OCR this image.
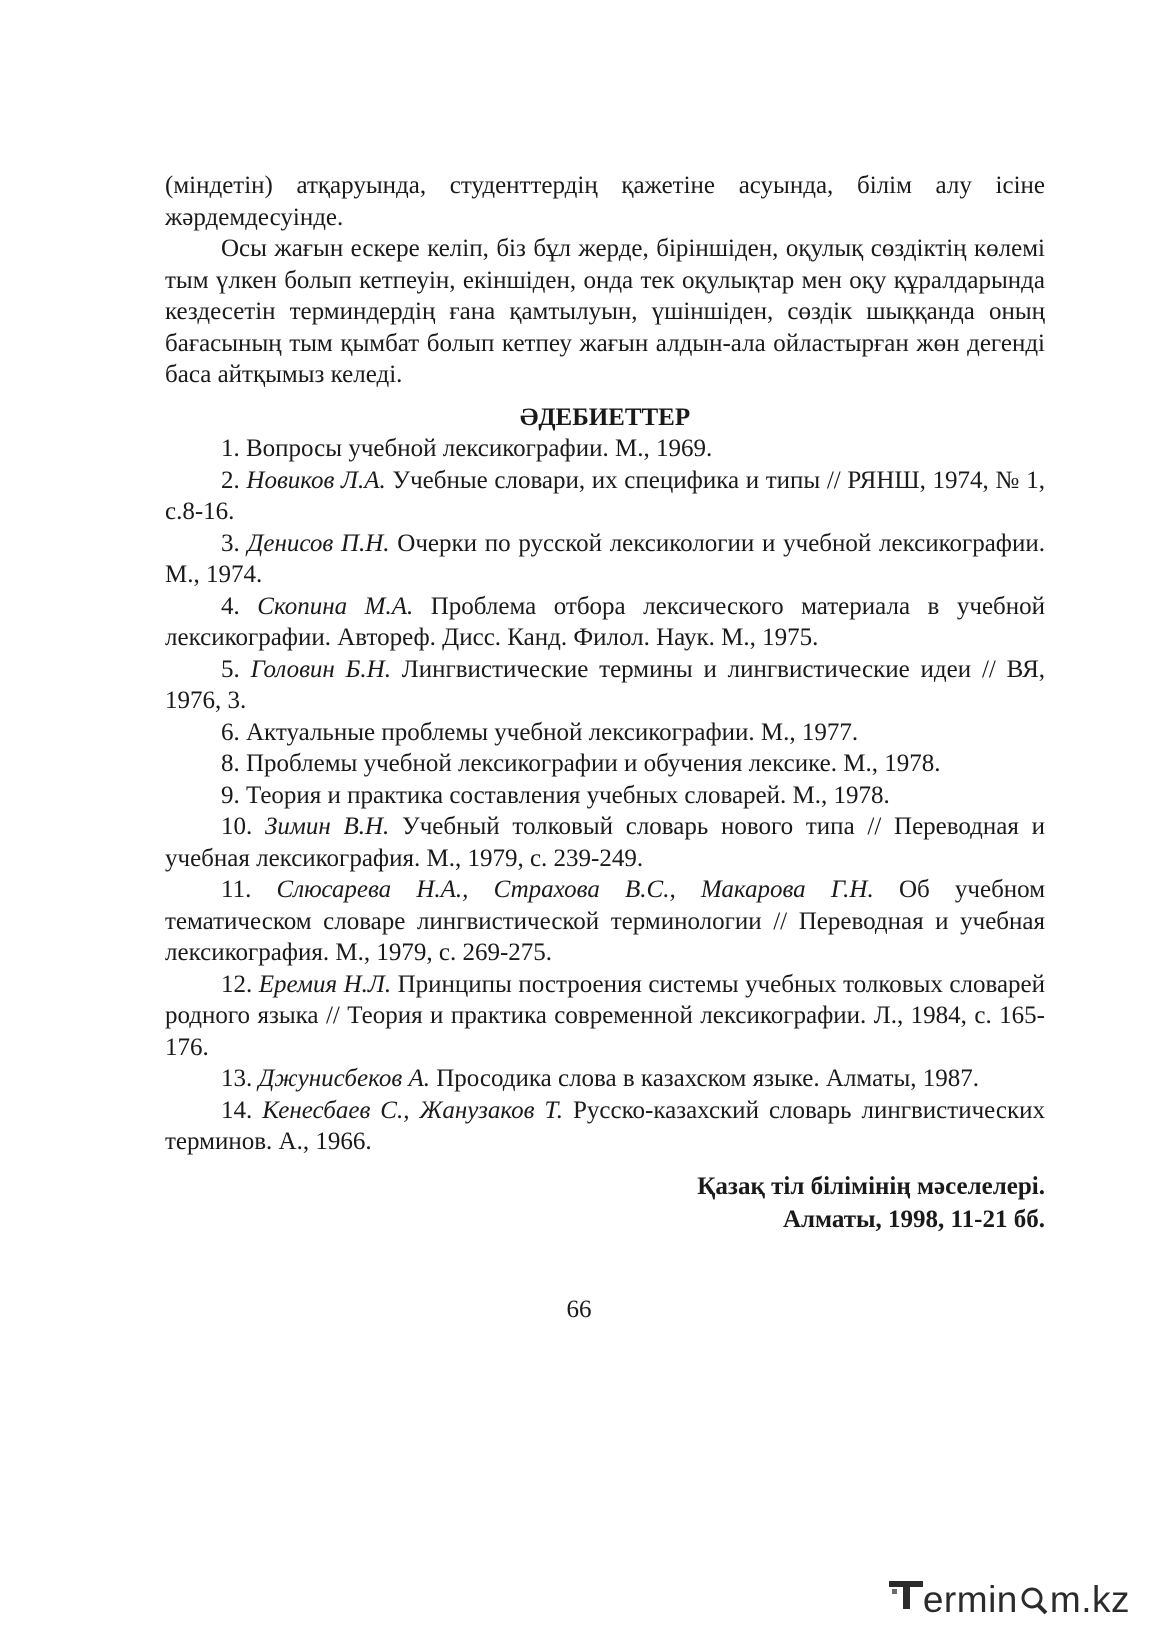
(міндетін) атқаруында, студенттердің қажетіне асуында, білім алу ісіне жәрдемдесуінде.

Осы жағын ескере келіп, біз бұл жерде, біріншіден, оқулық сөздіктің көлемі тым үлкен болып кетпеуін, екіншіден, онда тек оқулықтар мен оқу құралдарында кездесетін терминдердің ғана қамтылуын, үшіншіден, сөздік шыққанда оның бағасының тым қымбат болып кетпеу жағын алдын-ала ойластырған жөн дегенді баса айтқымыз келеді.

ӘДЕБИЕТТЕР

1. Вопросы учебной лексикографии. М., 1969.

2. Новиков Л.А. Учебные словари, их специфика и типы // РЯНШ, 1974, № 1, с.8-16.

3. Денисов П.Н. Очерки по русской лексикологии и учебной лексикографии. М., 1974.

4. Скопина М.А. Проблема отбора лексического материала в учебной лексикографии. Автореф. Дисс. Канд. Филол. Наук. М., 1975.

5. Головин Б.Н. Лингвистические термины и лингвистические идеи // ВЯ, 1976, 3.

6. Актуальные проблемы учебной лексикографии. М., 1977.

8. Проблемы учебной лексикографии и обучения лексике. М., 1978.

9. Теория и практика составления учебных словарей. М., 1978.

10. Зимин В.Н. Учебный толковый словарь нового типа // Переводная и учебная лексикография. М., 1979, с. 239-249.

11. Слюсарева Н.А., Страхова В.С., Макарова Г.Н. Об учебном тематическом словаре лингвистической терминологии // Переводная и учебная лексикография. М., 1979, с. 269-275.

12. Еремия Н.Л. Принципы построения системы учебных толковых словарей родного языка // Теория и практика современной лексикографии. Л., 1984, с. 165-176.

13. Джунисбеков А. Просодика слова в казахском языке. Алматы, 1987.

14. Кенесбаев С., Жанузаков Т. Русско-казахский словарь лингвистических терминов. А., 1966.

Қазақ тіл білімінің мәселелері.
Алматы, 1998, 11-21 бб.
66
ermin m.kz
